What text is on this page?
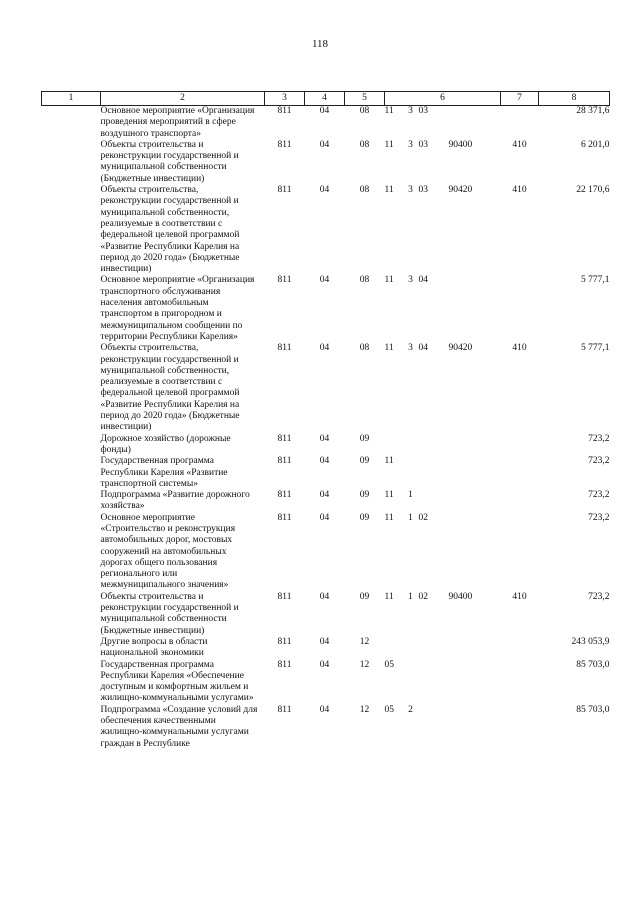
118
1	2	3	4	5	6				7	8
	Основное мероприятие «Организация проведения мероприятий в сфере воздушного транспорта»	811	04	08	11	3	03			28 371,6
	Объекты строительства и реконструкции государственной и муниципальной собственности (Бюджетные инвестиции)	811	04	08	11	3	03	90400	410	6 201,0
	Объекты строительства, реконструкции государственной и муниципальной собственности, реализуемые в соответствии с федеральной целевой программой «Развитие Республики Карелия на период до 2020 года» (Бюджетные инвестиции)	811	04	08	11	3	03	90420	410	22 170,6
	Основное мероприятие «Организация транспортного обслуживания населения автомобильным транспортом в пригородном и межмуниципальном сообщении по территории Республики Карелия»	811	04	08	11	3	04			5 777,1
	Объекты строительства, реконструкции государственной и муниципальной собственности, реализуемые в соответствии с федеральной целевой программой «Развитие Республики Карелия на период до 2020 года» (Бюджетные инвестиции)	811	04	08	11	3	04	90420	410	5 777,1
	Дорожное хозяйство (дорожные фонды)	811	04	09						723,2
	Государственная программа Республики Карелия «Развитие транспортной системы»	811	04	09	11					723,2
	Подпрограмма «Развитие дорожного хозяйства»	811	04	09	11	1				723,2
	Основное мероприятие «Строительство и реконструкция автомобильных дорог, мостовых сооружений на автомобильных дорогах общего пользования регионального или межмуниципального значения»	811	04	09	11	1	02			723,2
	Объекты строительства и реконструкции государственной и муниципальной собственности (Бюджетные инвестиции)	811	04	09	11	1	02	90400	410	723,2
	Другие вопросы в области национальной экономики	811	04	12						243 053,9
	Государственная программа Республики Карелия «Обеспечение доступным и комфортным жильем и жилищно-коммунальными услугами»	811	04	12	05					85 703,0
	Подпрограмма «Создание условий для обеспечения качественными жилищно-коммунальными услугами граждан в Республике	811	04	12	05	2				85 703,0
